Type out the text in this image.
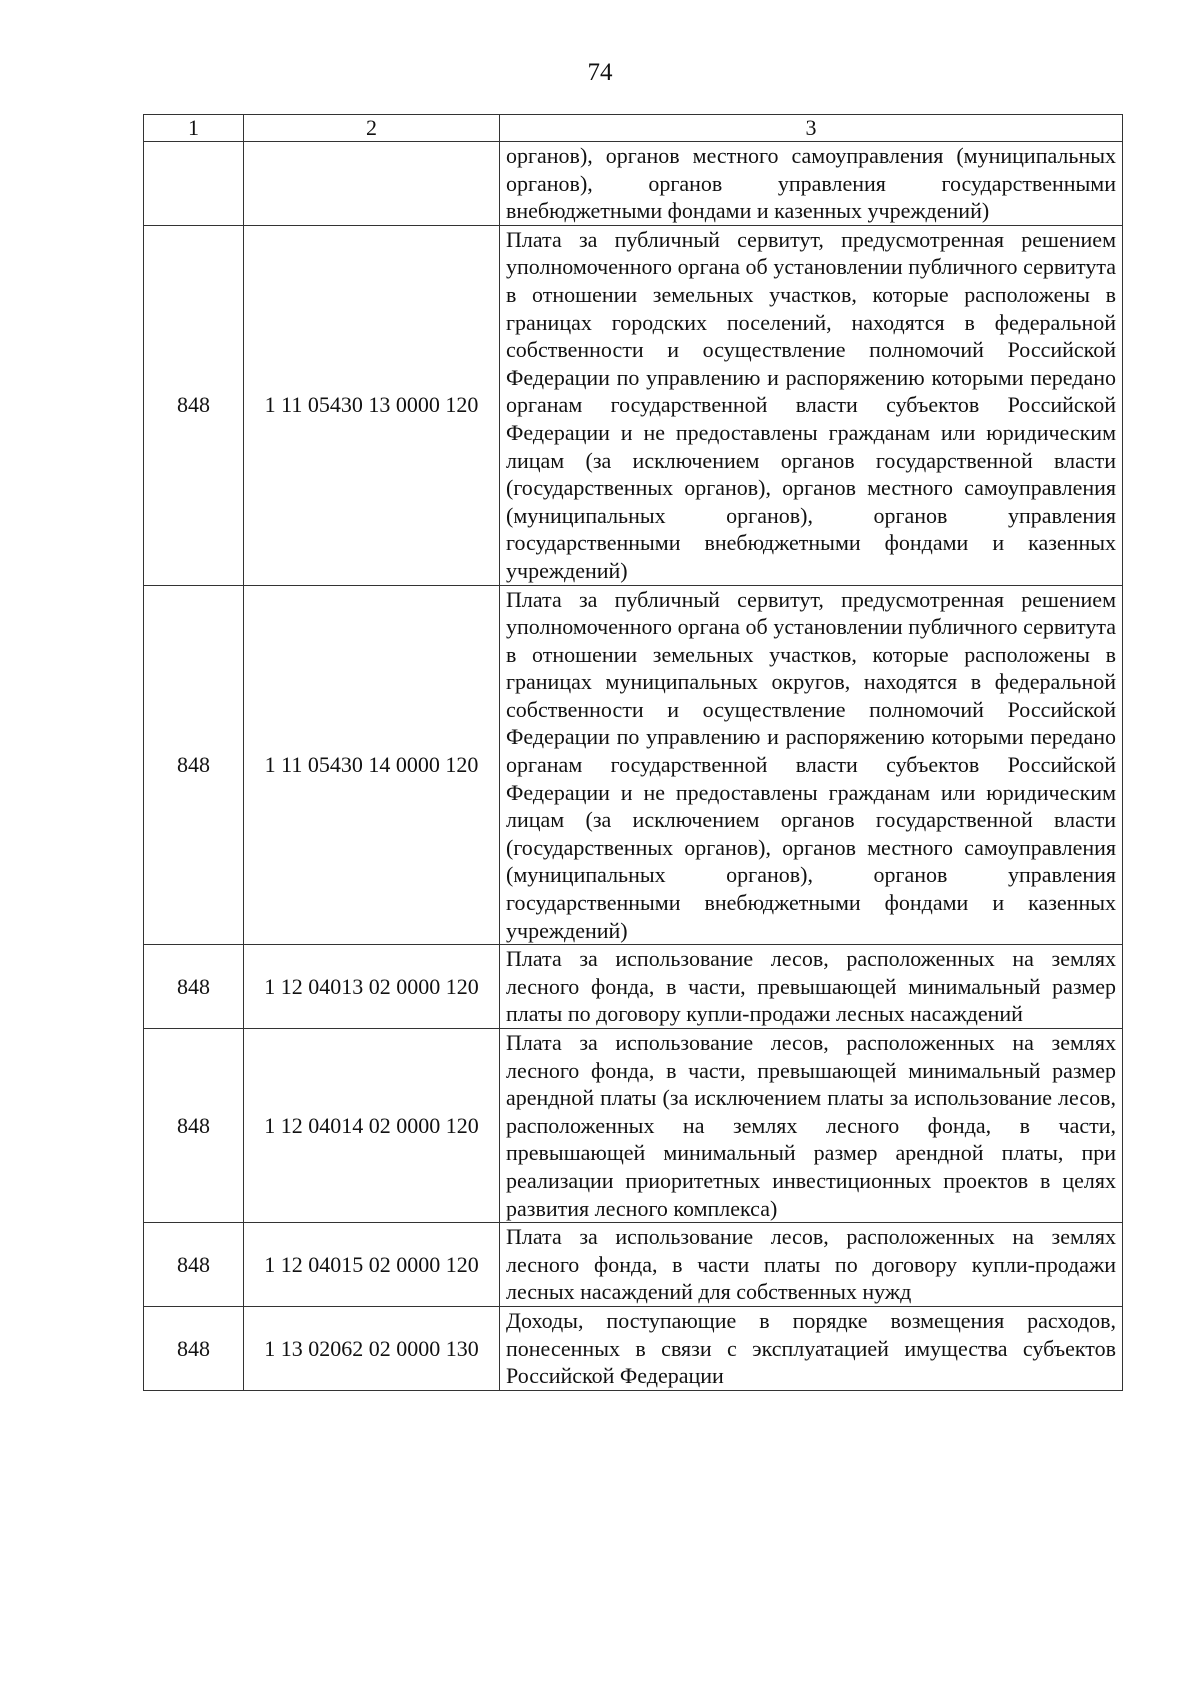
74
1	2	3
		органов), органов местного самоуправления (муниципальных органов), органов управления государственными внебюджетными фондами и казенных учреждений)
848	1 11 05430 13 0000 120	Плата за публичный сервитут, предусмотренная решением уполномоченного органа об установлении публичного сервитута в отношении земельных участков, которые расположены в границах городских поселений, находятся в федеральной собственности и осуществление полномочий Российской Федерации по управлению и распоряжению которыми передано органам государственной власти субъектов Российской Федерации и не предоставлены гражданам или юридическим лицам (за исключением органов государственной власти (государственных органов), органов местного самоуправления (муниципальных органов), органов управления государственными внебюджетными фондами и казенных учреждений)
848	1 11 05430 14 0000 120	Плата за публичный сервитут, предусмотренная решением уполномоченного органа об установлении публичного сервитута в отношении земельных участков, которые расположены в границах муниципальных округов, находятся в федеральной собственности и осуществление полномочий Российской Федерации по управлению и распоряжению которыми передано органам государственной власти субъектов Российской Федерации и не предоставлены гражданам или юридическим лицам (за исключением органов государственной власти (государственных органов), органов местного самоуправления (муниципальных органов), органов управления государственными внебюджетными фондами и казенных учреждений)
848	1 12 04013 02 0000 120	Плата за использование лесов, расположенных на землях лесного фонда, в части, превышающей минимальный размер платы по договору купли-продажи лесных насаждений
848	1 12 04014 02 0000 120	Плата за использование лесов, расположенных на землях лесного фонда, в части, превышающей минимальный размер арендной платы (за исключением платы за использование лесов, расположенных на землях лесного фонда, в части, превышающей минимальный размер арендной платы, при реализации приоритетных инвестиционных проектов в целях развития лесного комплекса)
848	1 12 04015 02 0000 120	Плата за использование лесов, расположенных на землях лесного фонда, в части платы по договору купли-продажи лесных насаждений для собственных нужд
848	1 13 02062 02 0000 130	Доходы, поступающие в порядке возмещения расходов, понесенных в связи с эксплуатацией имущества субъектов Российской Федерации
